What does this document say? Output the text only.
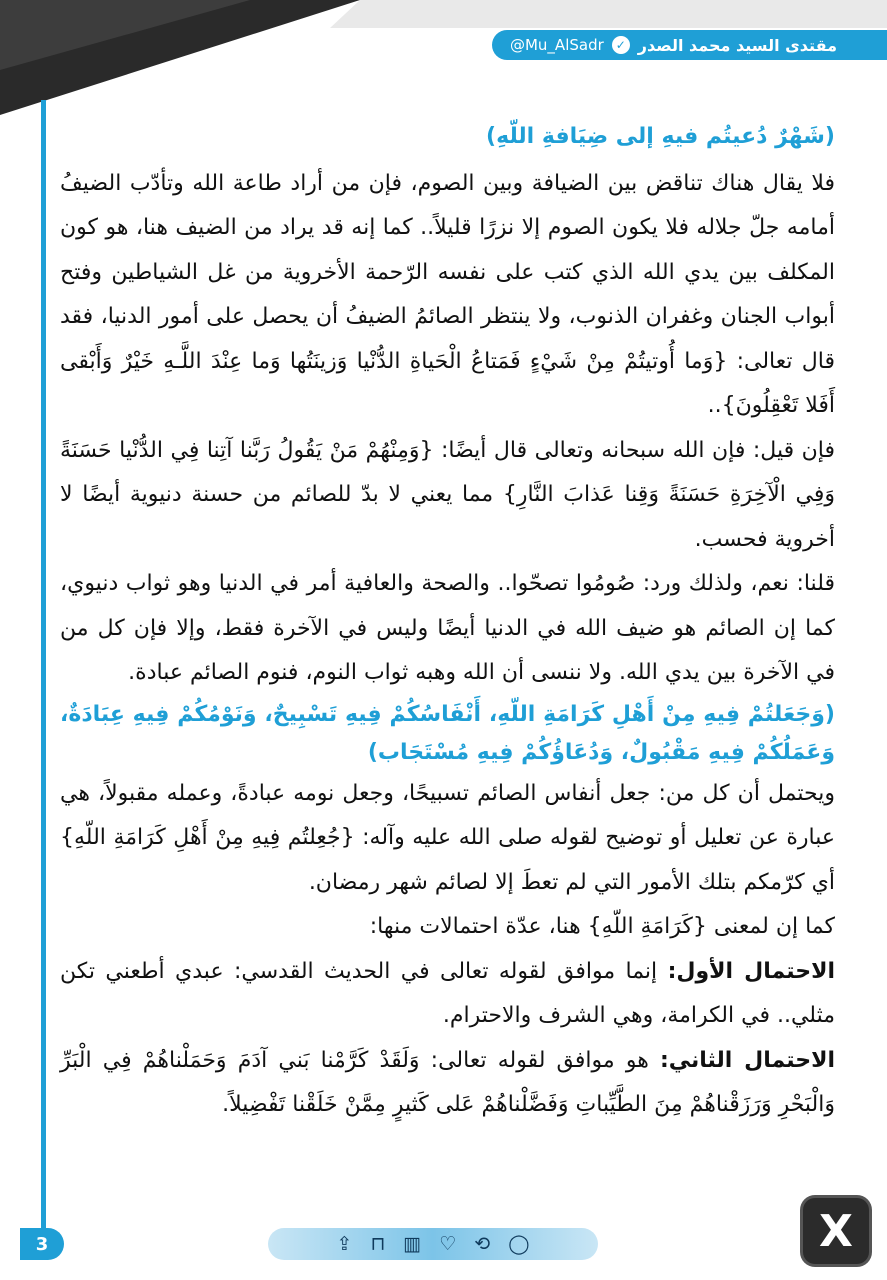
مقتدى السيد محمد الصدر
✓
@Mu_AlSadr

(شَهْرٌ دُعيتُم فيهِ إلى ضِيَافةِ اللّهِ)

فلا يقال هناك تناقض بين الضيافة وبين الصوم، فإن من أراد طاعة الله وتأدّب الضيفُ أمامه جلّ جلاله فلا يكون الصوم إلا نزرًا قليلاً.. كما إنه قد يراد من الضيف هنا، هو كون المكلف بين يدي الله الذي كتب على نفسه الرّحمة الأخروية من غل الشياطين وفتح أبواب الجنان وغفران الذنوب، ولا ينتظر الصائمُ الضيفُ أن يحصل على أمور الدنيا، فقد قال تعالى: {وَما أُوتيتُمْ مِنْ شَيْءٍ فَمَتاعُ الْحَياةِ الدُّنْيا وَزينَتُها وَما عِنْدَ اللَّـهِ خَيْرٌ وَأَبْقى أَفَلا تَعْقِلُونَ}..

فإن قيل: فإن الله سبحانه وتعالى قال أيضًا: {وَمِنْهُمْ مَنْ يَقُولُ رَبَّنا آتِنا فِي الدُّنْيا حَسَنَةً وَفِي الْآخِرَةِ حَسَنَةً وَقِنا عَذابَ النَّارِ} مما يعني لا بدّ للصائم من حسنة دنيوية أيضًا لا أخروية فحسب.

قلنا: نعم، ولذلك ورد: صُومُوا تصحّوا.. والصحة والعافية أمر في الدنيا وهو ثواب دنيوي، كما إن الصائم هو ضيف الله في الدنيا أيضًا وليس في الآخرة فقط، وإلا فإن كل من في الآخرة بين يدي الله. ولا ننسى أن الله وهبه ثواب النوم، فنوم الصائم عبادة.

(وَجَعَلتُمْ فِيهِ مِنْ أَهْلِ كَرَامَةِ اللّهِ، أَنْفَاسُكُمْ فِيهِ تَسْبِيحٌ، وَنَوْمُكُمْ فِيهِ عِبَادَةٌ، وَعَمَلُكُمْ فِيهِ مَقْبُولٌ، وَدُعَاؤُكُمْ فِيهِ مُسْتَجَاب)

ويحتمل أن كل من: جعل أنفاس الصائم تسبيحًا، وجعل نومه عبادةً، وعمله مقبولاً، هي عبارة عن تعليل أو توضيح لقوله صلى الله عليه وآله: {جُعِلتُم فِيهِ مِنْ أَهْلِ كَرَامَةِ اللّهِ} أي كرّمكم بتلك الأمور التي لم تعطَ إلا لصائم شهر رمضان.

كما إن لمعنى {كَرَامَةِ اللّهِ} هنا، عدّة احتمالات منها:

الاحتمال الأول: إنما موافق لقوله تعالى في الحديث القدسي: عبدي أطعني تكن مثلي.. في الكرامة، وهي الشرف والاحترام.

الاحتمال الثاني: هو موافق لقوله تعالى: وَلَقَدْ كَرَّمْنا بَني آدَمَ وَحَمَلْناهُمْ فِي الْبَرِّ وَالْبَحْرِ وَرَزَقْناهُمْ مِنَ الطَّيِّباتِ وَفَضَّلْناهُمْ عَلى كَثيرٍ مِمَّنْ خَلَقْنا تَفْضِيلاً.

3	⇪ ⊓ ▥ ♡ ⟲ ◯	X
